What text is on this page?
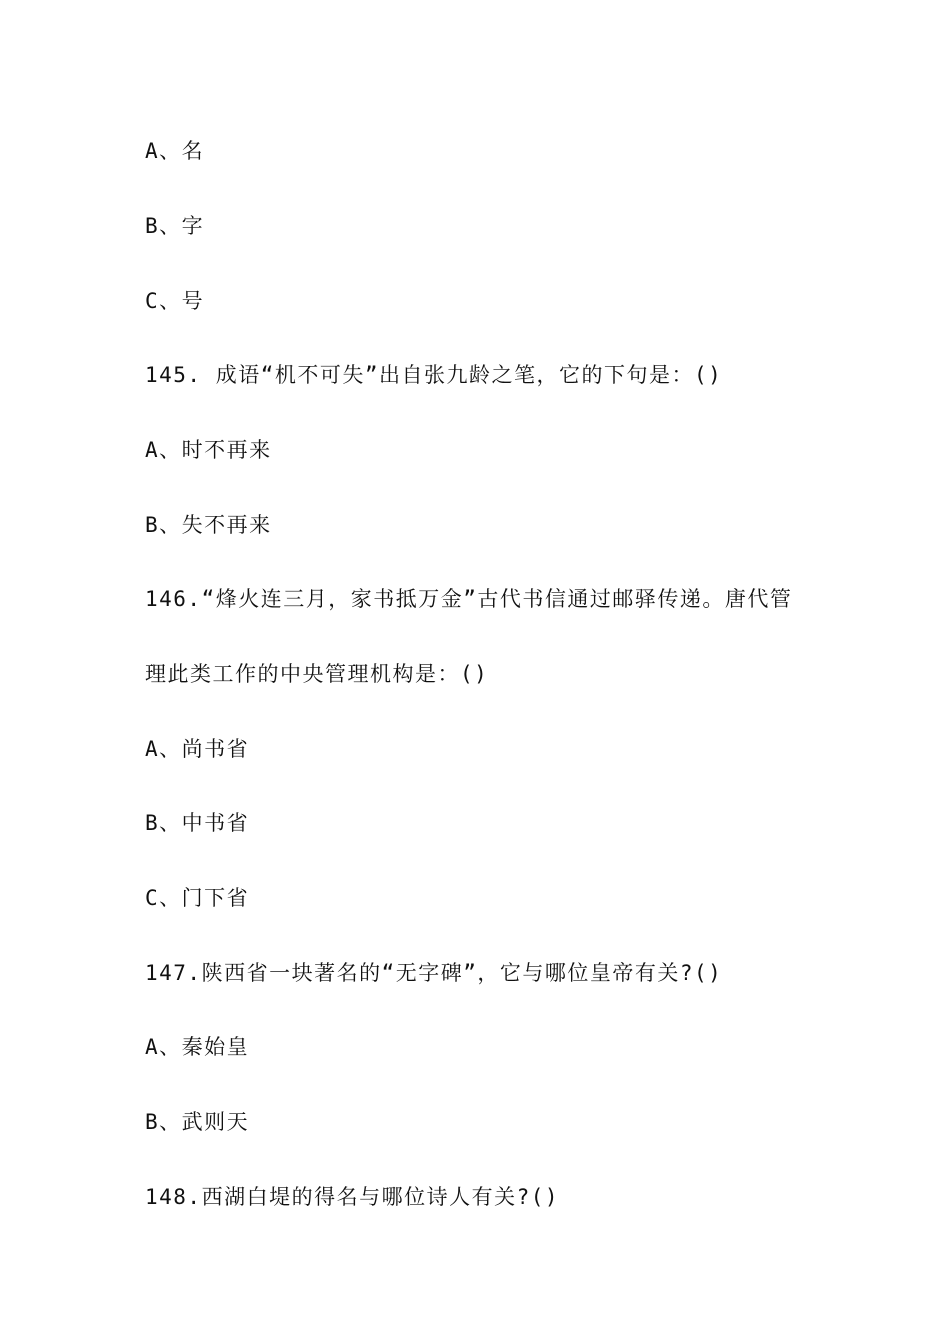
A、名
B、字
C、号
145. 成语“机不可失”出自张九龄之笔，它的下句是：()
A、时不再来
B、失不再来
146.“烽火连三月，家书抵万金”古代书信通过邮驿传递。唐代管
理此类工作的中央管理机构是：()
A、尚书省
B、中书省
C、门下省
147.陕西省一块著名的“无字碑”，它与哪位皇帝有关?()
A、秦始皇
B、武则天
148.西湖白堤的得名与哪位诗人有关?()
